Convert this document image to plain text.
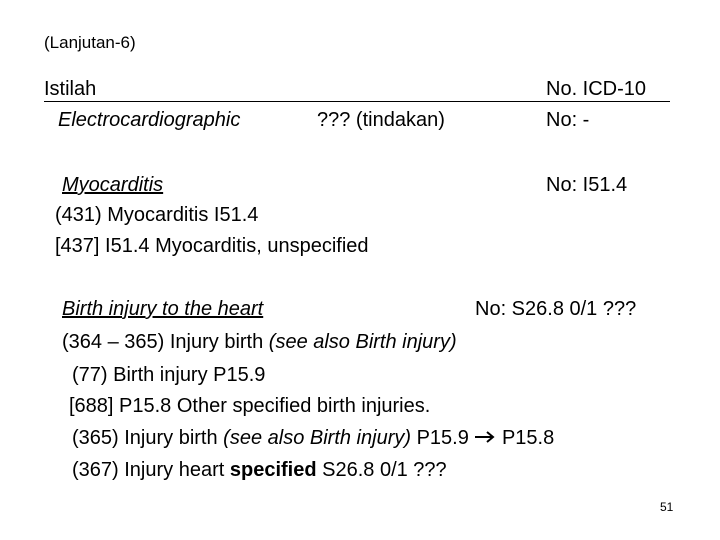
(Lanjutan-6)
Istilah	No. ICD-10
Electrocardiographic	??? (tindakan)	No: -
Myocarditis	No: I51.4
(431) Myocarditis I51.4
[437] I51.4 Myocarditis, unspecified
Birth injury to the heart	No: S26.8 0/1 ???
(364 – 365) Injury birth (see also Birth injury)
(77) Birth injury P15.9
[688] P15.8 Other specified birth injuries.
(365) Injury birth (see also Birth injury) P15.9  P15.8
(367) Injury heart specified S26.8 0/1 ???
51
